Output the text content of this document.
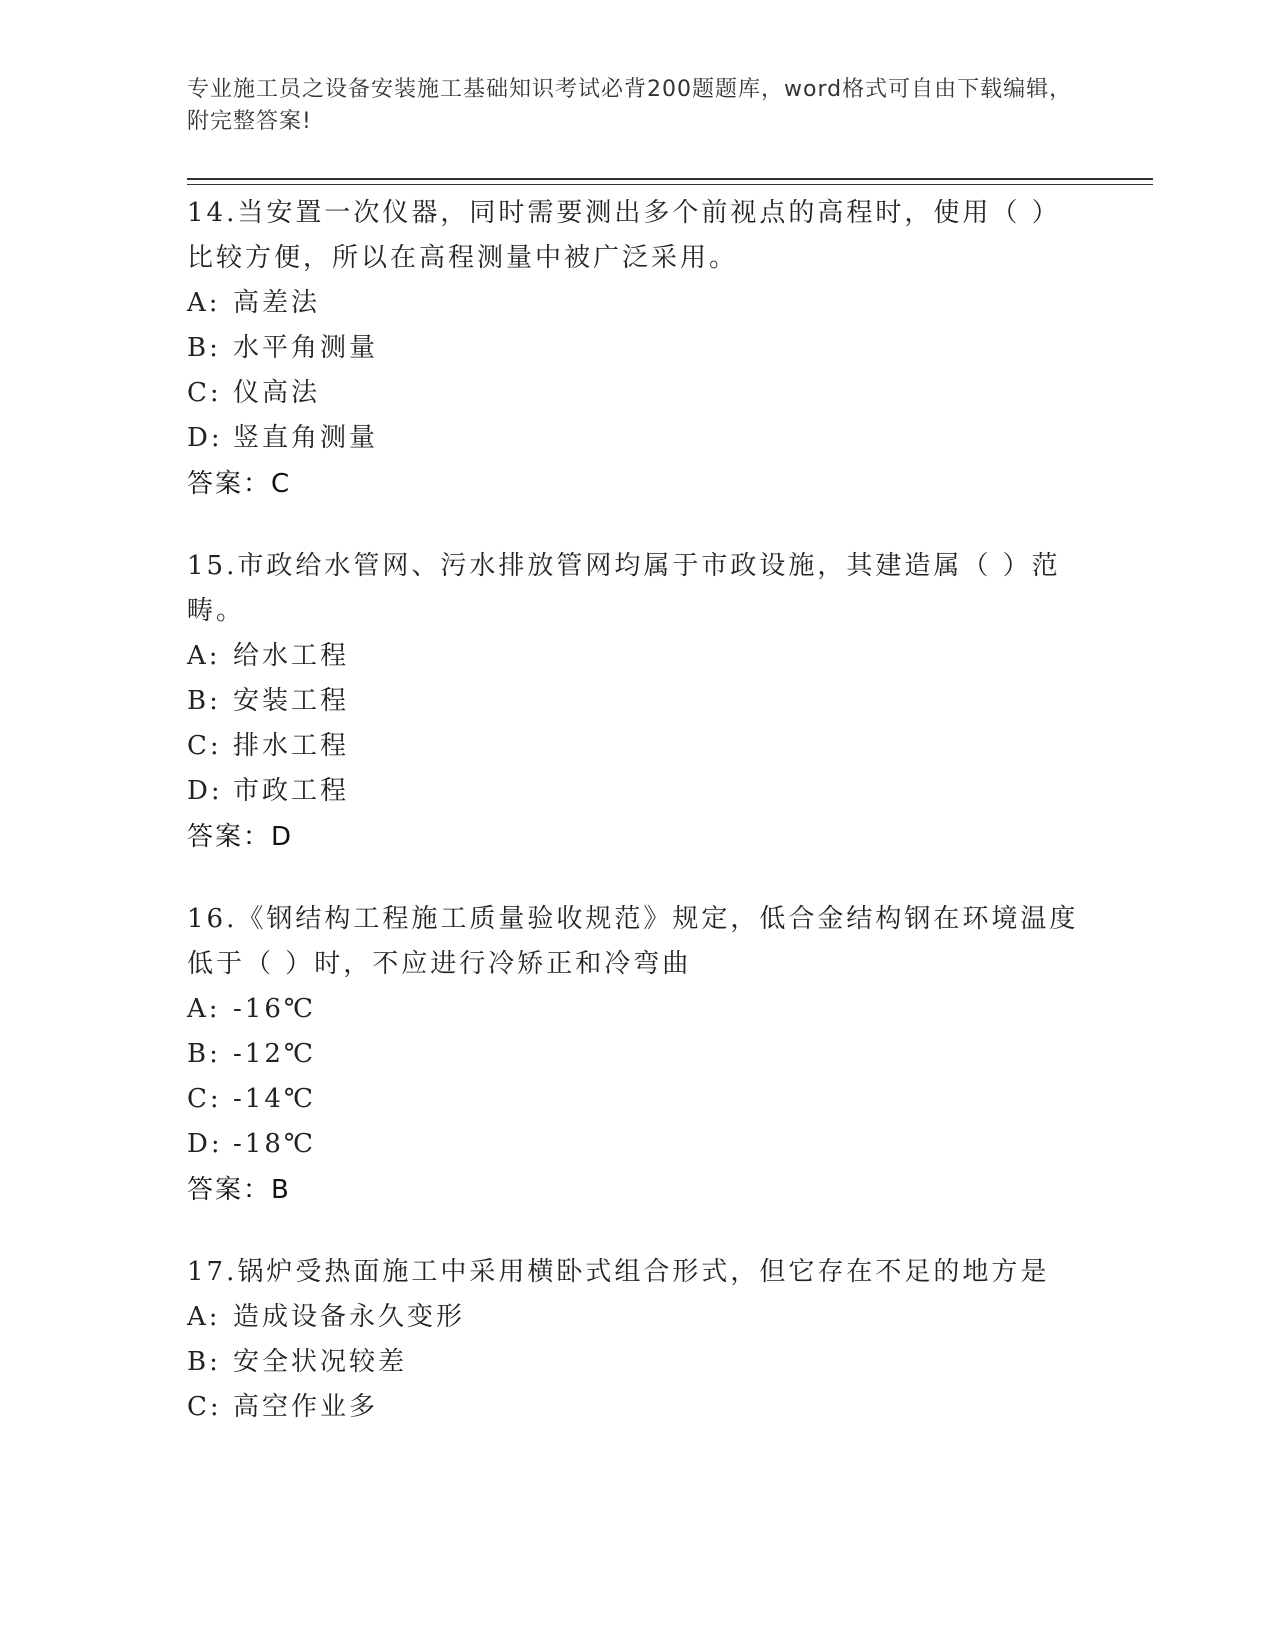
专业施工员之设备安装施工基础知识考试必背200题题库，word格式可自由下载编辑，附完整答案!
14.当安置一次仪器，同时需要测出多个前视点的高程时，使用（ ）比较方便，所以在高程测量中被广泛采用。
A: 高差法
B: 水平角测量
C: 仪高法
D: 竖直角测量
答案：C
15.市政给水管网、污水排放管网均属于市政设施，其建造属（ ）范畴。
A: 给水工程
B: 安装工程
C: 排水工程
D: 市政工程
答案：D
16.《钢结构工程施工质量验收规范》规定，低合金结构钢在环境温度低于（ ）时，不应进行冷矫正和冷弯曲
A: -16℃
B: -12℃
C: -14℃
D: -18℃
答案：B
17.锅炉受热面施工中采用横卧式组合形式，但它存在不足的地方是
A: 造成设备永久变形
B: 安全状况较差
C: 高空作业多
